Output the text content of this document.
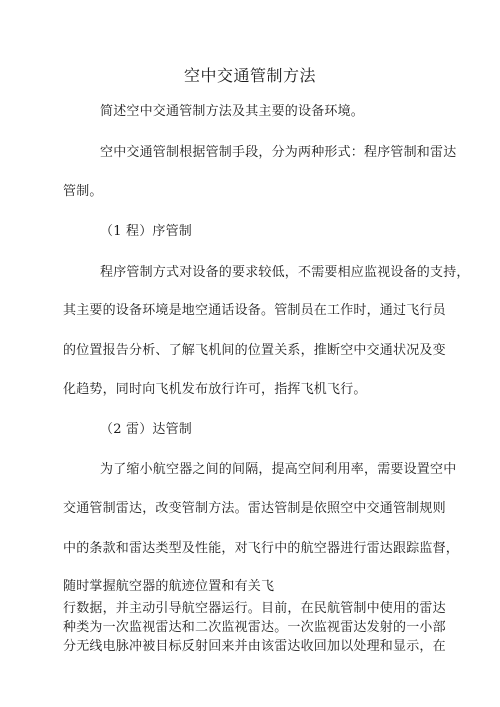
空中交通管制方法
简述空中交通管制方法及其主要的设备环境。
空中交通管制根据管制手段，分为两种形式：程序管制和雷达
管制。
（1 程）序管制
程序管制方式对设备的要求较低，不需要相应监视设备的支持，
其主要的设备环境是地空通话设备。管制员在工作时，通过飞行员
的位置报告分析、了解飞机间的位置关系，推断空中交通状况及变
化趋势，同时向飞机发布放行许可，指挥飞机飞行。
（2 雷）达管制
为了缩小航空器之间的间隔，提高空间利用率，需要设置空中
交通管制雷达，改变管制方法。雷达管制是依照空中交通管制规则
中的条款和雷达类型及性能，对飞行中的航空器进行雷达跟踪监督，
随时掌握航空器的航迹位置和有关飞
行数据，并主动引导航空器运行。目前，在民航管制中使用的雷达
种类为一次监视雷达和二次监视雷达。一次监视雷达发射的一小部
分无线电脉冲被目标反射回来并由该雷达收回加以处理和显示，在
